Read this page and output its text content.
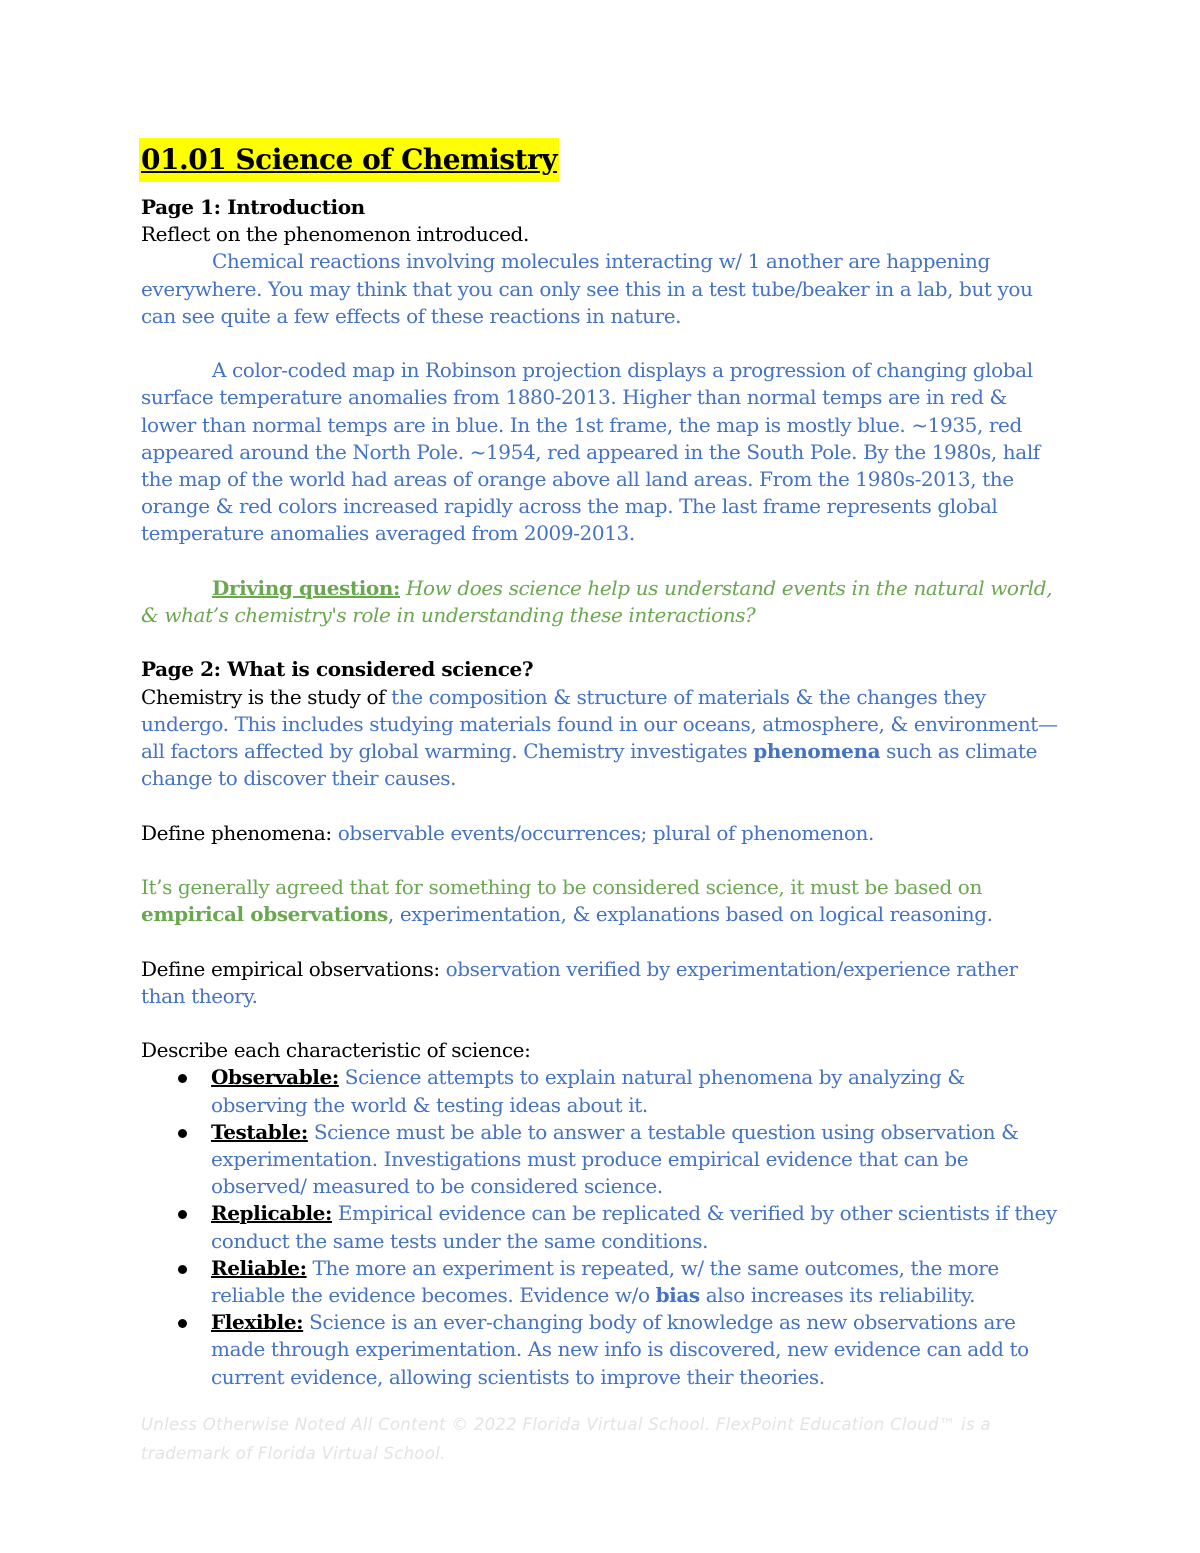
01.01 Science of Chemistry

Page 1: Introduction

Reflect on the phenomenon introduced.

Chemical reactions involving molecules interacting w/ 1 another are happening everywhere. You may think that you can only see this in a test tube/beaker in a lab, but you can see quite a few effects of these reactions in nature.

A color-coded map in Robinson projection displays a progression of changing global surface temperature anomalies from 1880-2013. Higher than normal temps are in red & lower than normal temps are in blue. In the 1st frame, the map is mostly blue. ~1935, red appeared around the North Pole. ~1954, red appeared in the South Pole. By the 1980s, half the map of the world had areas of orange above all land areas. From the 1980s-2013, the orange & red colors increased rapidly across the map. The last frame represents global temperature anomalies averaged from 2009-2013.

Driving question: How does science help us understand events in the natural world, & what’s chemistry's role in understanding these interactions?

Page 2: What is considered science?

Chemistry is the study of the composition & structure of materials & the changes they undergo. This includes studying materials found in our oceans, atmosphere, & environment—all factors affected by global warming. Chemistry investigates phenomena such as climate change to discover their causes.

Define phenomena: observable events/occurrences; plural of phenomenon.

It’s generally agreed that for something to be considered science, it must be based on empirical observations, experimentation, & explanations based on logical reasoning.

Define empirical observations: observation verified by experimentation/experience rather than theory.

Describe each characteristic of science:

Observable: Science attempts to explain natural phenomena by analyzing & observing the world & testing ideas about it.
Testable: Science must be able to answer a testable question using observation & experimentation. Investigations must produce empirical evidence that can be observed/ measured to be considered science.
Replicable: Empirical evidence can be replicated & verified by other scientists if they conduct the same tests under the same conditions.
Reliable: The more an experiment is repeated, w/ the same outcomes, the more reliable the evidence becomes. Evidence w/o bias also increases its reliability.
Flexible: Science is an ever-changing body of knowledge as new observations are made through experimentation. As new info is discovered, new evidence can add to current evidence, allowing scientists to improve their theories.
Unless Otherwise Noted All Content © 2022 Florida Virtual School. FlexPoint Education Cloud™ is a trademark of Florida Virtual School.
